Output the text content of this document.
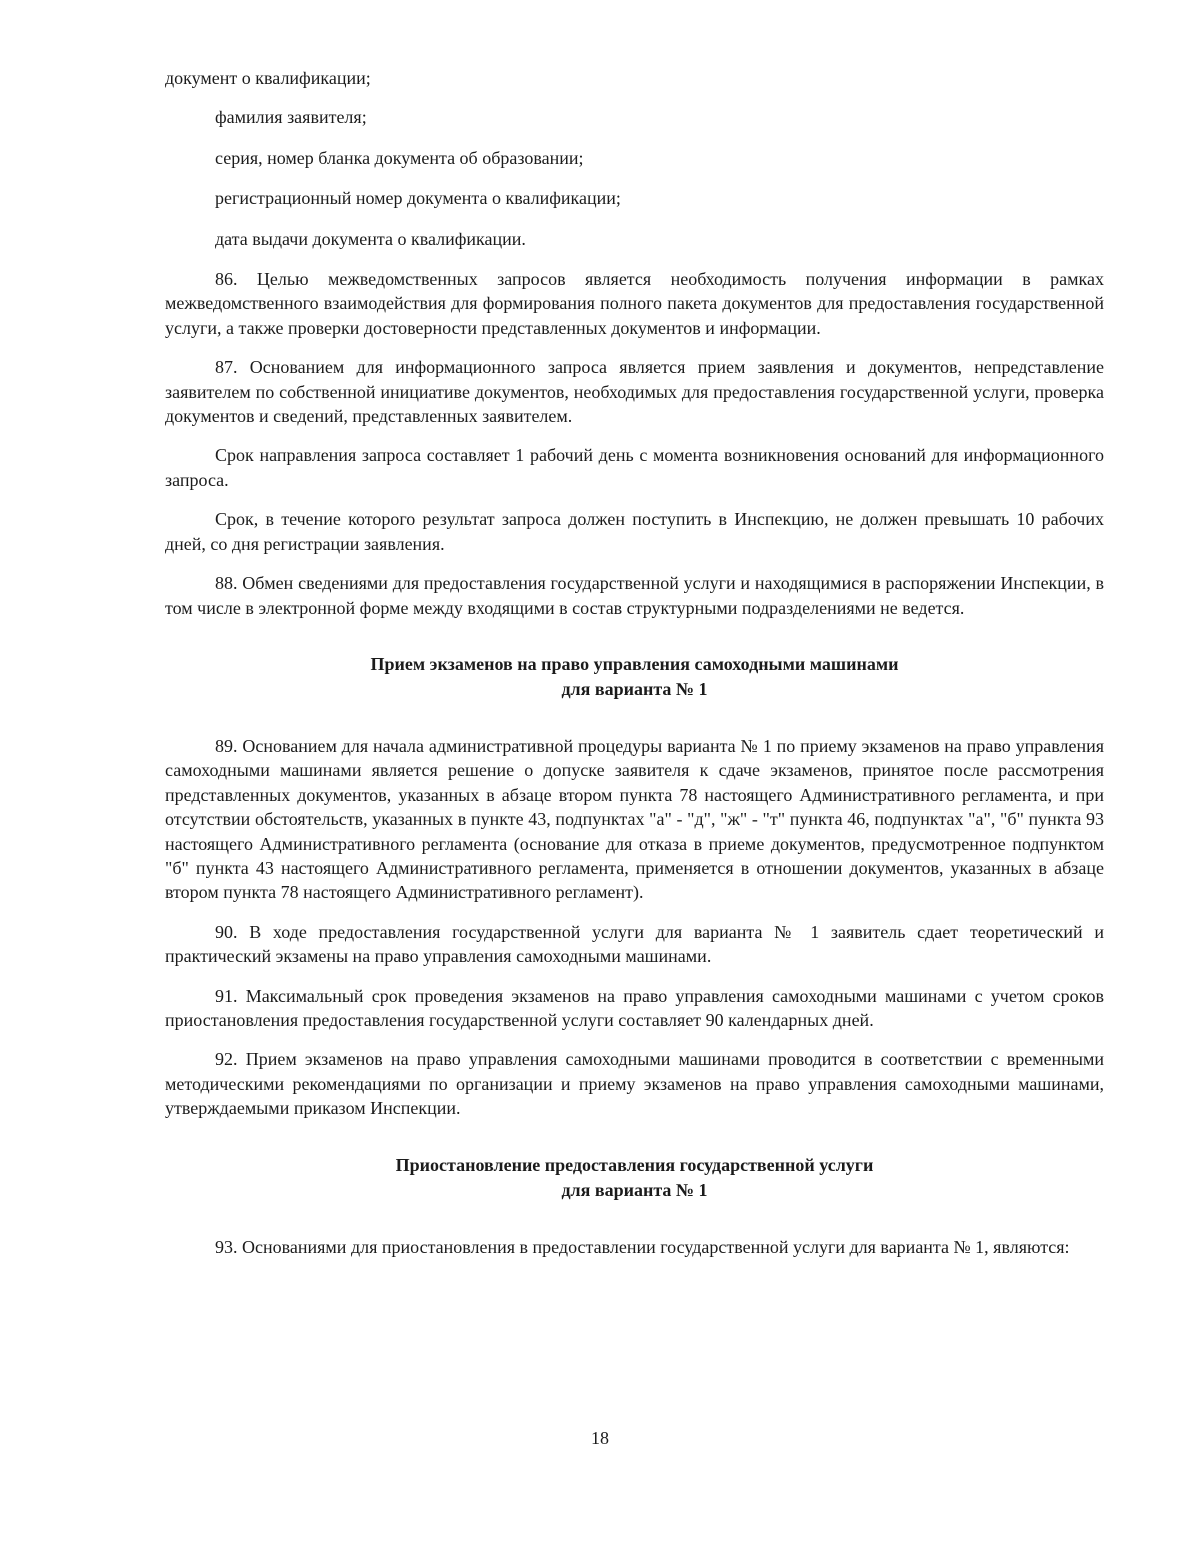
документ о квалификации;

фамилия заявителя;

серия, номер бланка документа об образовании;

регистрационный номер документа о квалификации;

дата выдачи документа о квалификации.

86. Целью межведомственных запросов является необходимость получения информации в рамках межведомственного взаимодействия для формирования полного пакета документов для предоставления государственной услуги, а также проверки достоверности представленных документов и информации.

87. Основанием для информационного запроса является прием заявления и документов, непредставление заявителем по собственной инициативе документов, необходимых для предоставления государственной услуги, проверка документов и сведений, представленных заявителем.

Срок направления запроса составляет 1 рабочий день с момента возникновения оснований для информационного запроса.

Срок, в течение которого результат запроса должен поступить в Инспекцию, не должен превышать 10 рабочих дней, со дня регистрации заявления.

88. Обмен сведениями для предоставления государственной услуги и находящимися в распоряжении Инспекции, в том числе в электронной форме между входящими в состав структурными подразделениями не ведется.

Прием экзаменов на право управления самоходными машинами
для варианта № 1

89. Основанием для начала административной процедуры варианта № 1 по приему экзаменов на право управления самоходными машинами является решение о допуске заявителя к сдаче экзаменов, принятое после рассмотрения представленных документов, указанных в абзаце втором пункта 78 настоящего Административного регламента, и при отсутствии обстоятельств, указанных в пункте 43, подпунктах "а" - "д", "ж" - "т" пункта 46, подпунктах "а", "б" пункта 93 настоящего Административного регламента (основание для отказа в приеме документов, предусмотренное подпунктом "б" пункта 43 настоящего Административного регламента, применяется в отношении документов, указанных в абзаце втором пункта 78 настоящего Административного регламент).

90. В ходе предоставления государственной услуги для варианта № 1 заявитель сдает теоретический и практический экзамены на право управления самоходными машинами.

91. Максимальный срок проведения экзаменов на право управления самоходными машинами с учетом сроков приостановления предоставления государственной услуги составляет 90 календарных дней.

92. Прием экзаменов на право управления самоходными машинами проводится в соответствии с временными методическими рекомендациями по организации и приему экзаменов на право управления самоходными машинами, утверждаемыми приказом Инспекции.

Приостановление предоставления государственной услуги
для варианта № 1

93. Основаниями для приостановления в предоставлении государственной услуги для варианта № 1, являются:

18
